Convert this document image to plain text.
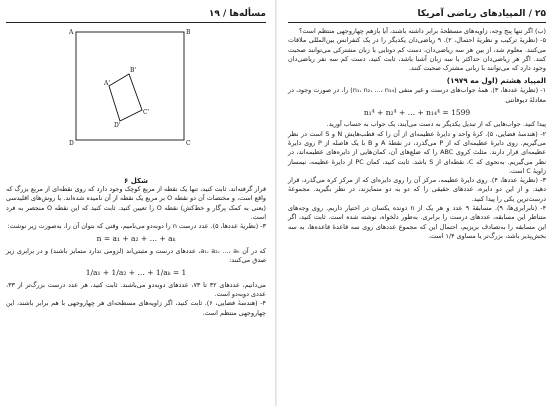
مسأله‌ها / ۱۹
A	B
C
D
A'
B'
C'
D'
شکل ۶

قرار گرفته‌اند. ثابت کنید، تنها یک نقطه از مربع کوچک وجود دارد که روی نقطه‌ای از مربع بزرگ که واقع است، و مختصات آن دو نقطه O بر مربع یک نقطه از آن نامیده شده‌اند. با روش‌های اقلیدسی (یعنی به کمک پرگار و خط‌کش) نقطه O را تعیین کنید. ثابت کنید که این نقطه O منحصر به فرد است.

۳- (نظریهٔ عددها، ۵). عدد درست n را دوبه‌دو می‌نامیم، وقتی که بتوان آن را، به‌صورت زیر نوشت:

n = a₁ + a₂ + … + aₖ

که در آن a₁، a₂، …، aₖ، عددهای درست و مثبتی‌اند (لزومی ندارد متمایز باشند) و در برابری زیر صدق می‌کنند:

1/a₁ + 1/a₂ + … + 1/aₖ = 1

می‌دانیم، عددهای ۳۲ تا ۷۳، عددهای دوبه‌دو می‌باشند. ثابت کنید، هر عدد درست بزرگ‌تر از ۳۳، عددی دوبه‌دو است.

۴- (هندسهٔ فضایی، ۶). ثابت کنید، اگر زاویه‌های مسطحه‌ای هر چهاروجهی با هم برابر باشند، این چهاروجهی منتظم است.

۲۵ / المپیادهای ریاضی آمریکا

(ب) اگر تنها پنج وجه، زاویه‌های مسطحهٔ برابر داشته باشند، آیا بازهم چهاروجهی منتظم است؟

۵- (نظریهٔ ترکیب و نظریهٔ احتمال، ۲). ۹ ریاضی‌دان یکدیگر را در یک کنفرانس بین‌المللی ملاقات می‌کنند. معلوم شد، از بین هر سه ریاضی‌دان، دست کم دوتایی با زبان مشترکی می‌توانند صحبت کنند. اگر هر ریاضی‌دان حداکثر با سه زبان آشنا باشد، ثابت کنید، دست کم سه نفر ریاضی‌دان وجود دارد که می‌توانند با زبانی مشترک صحبت کنند.

المپیاد هشتم (اول مه ۱۹۷۹)

۱- (نظریهٔ عددها، ۳). همهٔ جواب‌های درست و غیر منفی (n₁، n₂، …، n₁₄) را، در صورت وجود، در معادلهٔ دیوفانتی

n₁⁴ + n₂⁴ + … + n₁₄⁴ = 1599

پیدا کنید. جواب‌هایی که از تبدیل یکدیگر به دست می‌آیند، یک جواب به حساب آورید.

۲- (هندسهٔ فضایی، ۵). کرهٔ واحد و دایرهٔ عظیمه‌ای از آن را که قطب‌هایش N و S است در نظر می‌گیریم. روی دایرهٔ عظیمه‌ای که از P می‌گذرد، در نقطهٔ A و B با یک فاصله از P روی دایرهٔ عظیمه‌ای قرار دارند. مثلث کروی ABC را که ضلع‌های آن، کمان‌هایی از دایره‌های عظیمه‌اند، در نظر می‌گیریم. به‌نحوی که C، نقطه‌ای از S باشد. ثابت کنید، کمان PC از دایرهٔ عظیمه، نیمساز زاویهٔ C است.

۳- (نظریهٔ عددها، ۴). روی دایرهٔ عظیمه، مرکز آن را روی دایره‌ای که از مرکز کره می‌گذرد، قرار دهید. و از این دو دایره، عددهای حقیقی را که دو به دو متمایزند، در نظر بگیرید. مجموعهٔ درست‌ترین یکی را پیدا کنید.

۴- (نابرابری‌ها، ۹). مسابقهٔ ۹ عدد و هر یک از n دونده یکسان در اختیار داریم. روی وجه‌های متناظر این مسابقه، عددهای درست را برابری. به‌طور دلخواه، نوشته شده است. ثابت کنید، اگر این مسابقه را به‌تصادف بریزیم، احتمال این که مجموع عددهای روی سه قاعدهٔ قاعده‌ها، به سه بخش‌پذیر باشد، بزرگ‌تر یا مساوی ۱/۴ است.
